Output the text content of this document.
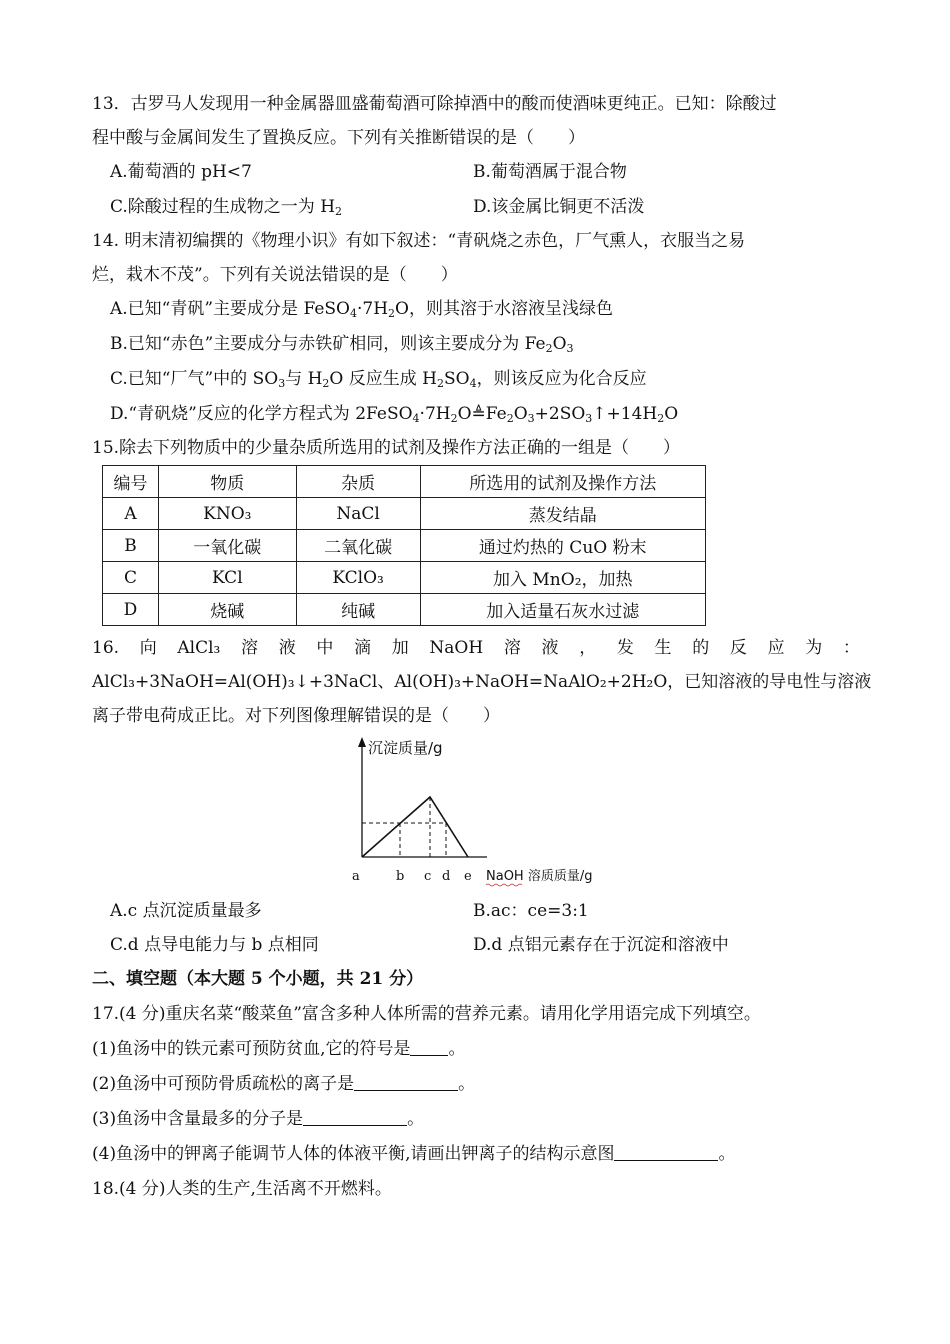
13．古罗马人发现用一种金属器皿盛葡萄酒可除掉酒中的酸而使酒味更纯正。已知：除酸过
程中酸与金属间发生了置换反应。下列有关推断错误的是（　　）
A.葡萄酒的 pH<7	B.葡萄酒属于混合物
C.除酸过程的生成物之一为 $H_2$	D.该金属比铜更不活泼
14. 明末清初编撰的《物理小识》有如下叙述：“青矾烧之赤色，厂气熏人，衣服当之易
烂，栽木不茂”。下列有关说法错误的是（　　）
A.已知“青矾”主要成分是 $FeSO_4\cdot 7H_2O$，则其溶于水溶液呈浅绿色
B.已知“赤色”主要成分与赤铁矿相同，则该主要成分为 $Fe_2O_3$
C.已知“厂气”中的 $SO_3$与 $H_2O$ 反应生成 $H_2SO_4$，则该反应为化合反应
D.“青矾烧”反应的化学方程式为 $2FeSO_4\cdot 7H_2O≜Fe_2O_3+2SO_3↑+14H_2O$
15.除去下列物质中的少量杂质所选用的试剂及操作方法正确的一组是（　　）
编号	物质	杂质	所选用的试剂及操作方法
A	KNO₃	NaCl	蒸发结晶
B	一氧化碳	二氧化碳	通过灼热的 CuO 粉末
C	KCl	KClO₃	加入 MnO₂，加热
D	烧碱	纯碱	加入适量石灰水过滤
16. 向 AlCl₃ 溶 液 中 滴 加 NaOH 溶 液 ， 发 生 的 反 应 为 ：
AlCl₃+3NaOH=Al(OH)₃↓+3NaCl、Al(OH)₃+NaOH=NaAlO₂+2H₂O，已知溶液的导电性与溶液
离子带电荷成正比。对下列图像理解错误的是（　　）
沉淀质量/g
a	b c d e NaOH 溶质质量/g
A.c 点沉淀质量最多	B.ac：ce=3:1
C.d 点导电能力与 b 点相同	D.d 点铝元素存在于沉淀和溶液中
二、填空题（本大题 5 个小题，共 21 分）
17.(4 分)重庆名菜“酸菜鱼”富含多种人体所需的营养元素。请用化学用语完成下列填空。
(1)鱼汤中的铁元素可预防贫血,它的符号是 。
(2)鱼汤中可预防骨质疏松的离子是	。
(3)鱼汤中含量最多的分子是	。
(4)鱼汤中的钾离子能调节人体的体液平衡,请画出钾离子的结构示意图	。
18.(4 分)人类的生产,生活离不开燃料。
